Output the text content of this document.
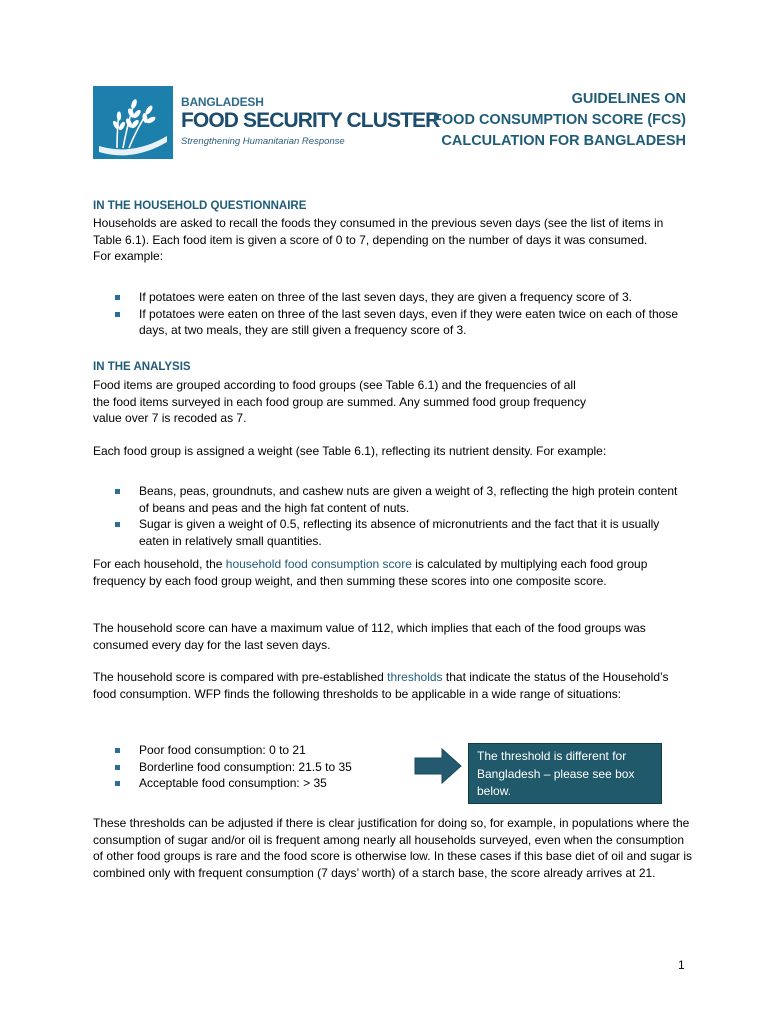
BANGLADESH
FOOD SECURITY CLUSTER
Strengthening Humanitarian Response
GUIDELINES ON
FOOD CONSUMPTION SCORE (FCS)
CALCULATION FOR BANGLADESH
IN THE HOUSEHOLD QUESTIONNAIRE
Households are asked to recall the foods they consumed in the previous seven days (see the list of items in Table 6.1). Each food item is given a score of 0 to 7, depending on the number of days it was consumed. For example:
If potatoes were eaten on three of the last seven days, they are given a frequency score of 3.
If potatoes were eaten on three of the last seven days, even if they were eaten twice on each of those days, at two meals, they are still given a frequency score of 3.
IN THE ANALYSIS
Food items are grouped according to food groups (see Table 6.1) and the frequencies of all
the food items surveyed in each food group are summed. Any summed food group frequency
value over 7 is recoded as 7.
Each food group is assigned a weight (see Table 6.1), reflecting its nutrient density. For example:
Beans, peas, groundnuts, and cashew nuts are given a weight of 3, reflecting the high protein content of beans and peas and the high fat content of nuts.
Sugar is given a weight of 0.5, reflecting its absence of micronutrients and the fact that it is usually eaten in relatively small quantities.
For each household, the household food consumption score is calculated by multiplying each food group frequency by each food group weight, and then summing these scores into one composite score.
The household score can have a maximum value of 112, which implies that each of the food groups was consumed every day for the last seven days.
The household score is compared with pre-established thresholds that indicate the status of the Household’s food consumption. WFP finds the following thresholds to be applicable in a wide range of situations:
Poor food consumption: 0 to 21
Borderline food consumption: 21.5 to 35
Acceptable food consumption: > 35
The threshold is different for Bangladesh – please see box below.
These thresholds can be adjusted if there is clear justification for doing so, for example, in populations where the consumption of sugar and/or oil is frequent among nearly all households surveyed, even when the consumption of other food groups is rare and the food score is otherwise low. In these cases if this base diet of oil and sugar is combined only with frequent consumption (7 days’ worth) of a starch base, the score already arrives at 21.
1
